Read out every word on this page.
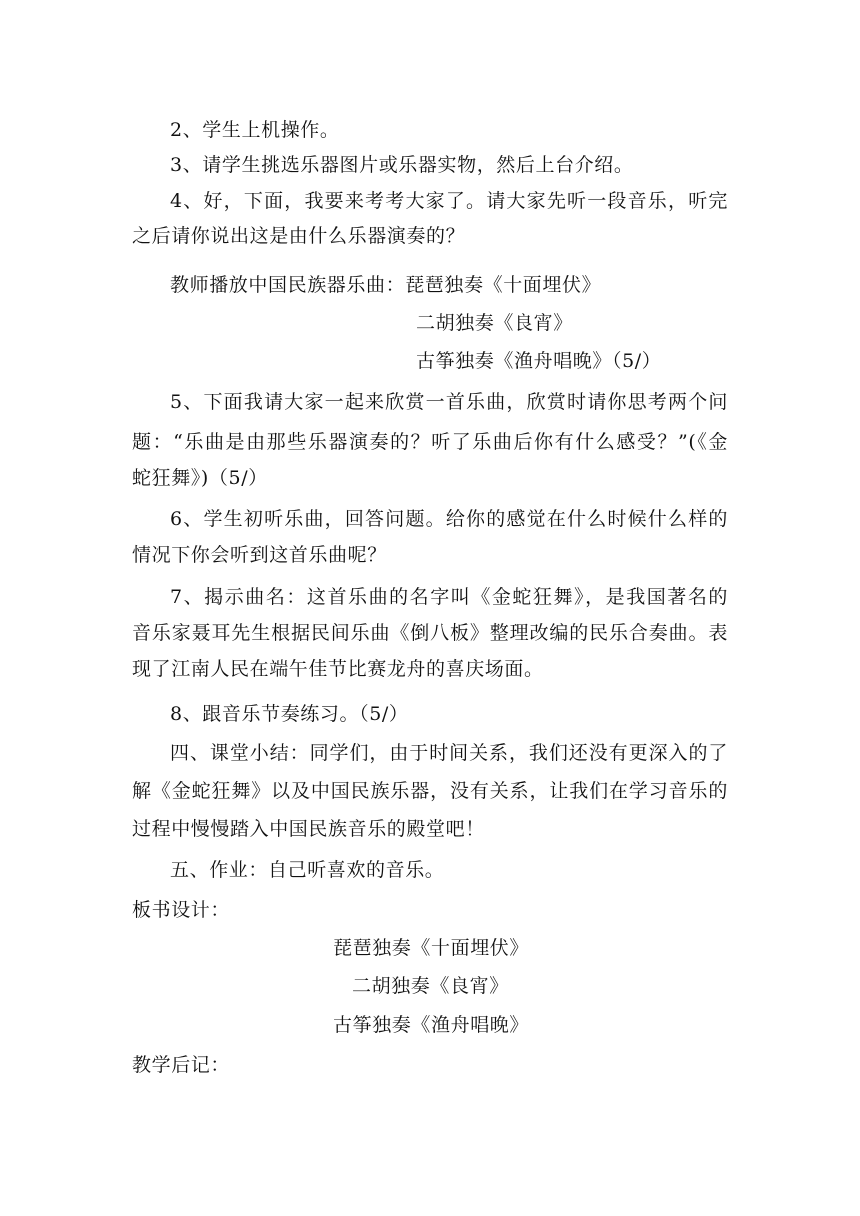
2、学生上机操作。
3、请学生挑选乐器图片或乐器实物，然后上台介绍。
4、好，下面，我要来考考大家了。请大家先听一段音乐，听完
之后请你说出这是由什么乐器演奏的？
教师播放中国民族器乐曲：琵琶独奏《十面埋伏》
二胡独奏《良宵》
古筝独奏《渔舟唱晚》（5/）
5、下面我请大家一起来欣赏一首乐曲，欣赏时请你思考两个问
题：“乐曲是由那些乐器演奏的？听了乐曲后你有什么感受？”(《金
蛇狂舞》)（5/）
6、学生初听乐曲，回答问题。给你的感觉在什么时候什么样的
情况下你会听到这首乐曲呢？
7、揭示曲名：这首乐曲的名字叫《金蛇狂舞》，是我国著名的
音乐家聂耳先生根据民间乐曲《倒八板》整理改编的民乐合奏曲。表
现了江南人民在端午佳节比赛龙舟的喜庆场面。
8、跟音乐节奏练习。（5/）
四、课堂小结：同学们，由于时间关系，我们还没有更深入的了
解《金蛇狂舞》以及中国民族乐器，没有关系，让我们在学习音乐的
过程中慢慢踏入中国民族音乐的殿堂吧！
五、作业：自己听喜欢的音乐。
板书设计：
琵琶独奏《十面埋伏》
二胡独奏《良宵》
古筝独奏《渔舟唱晚》
教学后记：
